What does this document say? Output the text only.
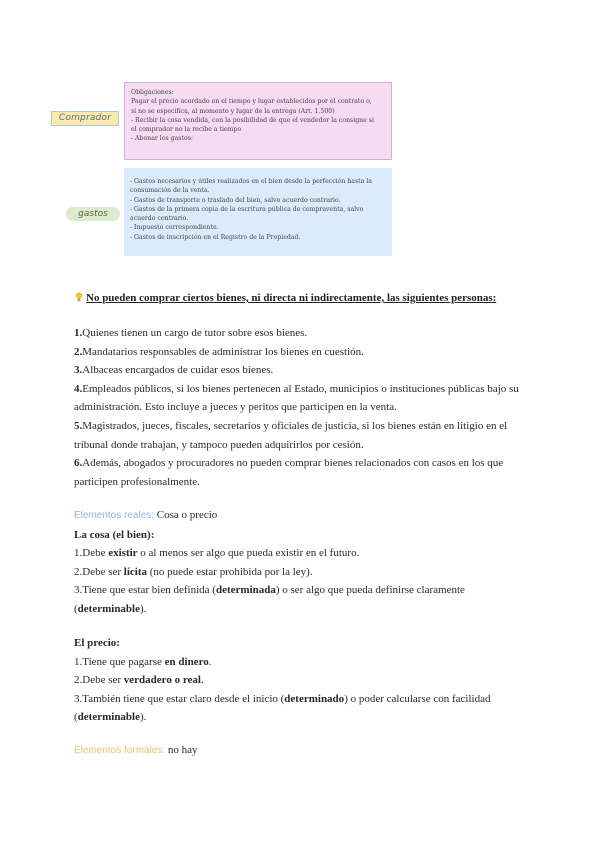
Comprador
Obligaciones:
Pagar el precio acordado en el tiempo y lugar establecidos por el contrato o,
si no se especifica, al momento y lugar de la entrega (Art. 1.500)
- Recibir la cosa vendida, con la posibilidad de que el vendedor la consigne si
el comprador no la recibe a tiempo
- Abonar los gastos:
gastos
- Gastos necesarios y útiles realizados en el bien desde la perfección hasta la
consumación de la venta.
- Gastos de transporte o traslado del bien, salvo acuerdo contrario.
- Gastos de la primera copia de la escritura pública de compraventa, salvo
acuerdo contrario.
- Impuesto correspondiente.
- Gastos de inscripción en el Registro de la Propiedad.
No pueden comprar ciertos bienes, ni directa ni indirectamente, las siguientes personas:

1.Quienes tienen un cargo de tutor sobre esos bienes.

2.Mandatarios responsables de administrar los bienes en cuestión.

3.Albaceas encargados de cuidar esos bienes.

4.Empleados públicos, si los bienes pertenecen al Estado, municipios o instituciones públicas bajo su administración. Esto incluye a jueces y peritos que participen en la venta.

5.Magistrados, jueces, fiscales, secretarios y oficiales de justicia, si los bienes están en litigio en el tribunal donde trabajan, y tampoco pueden adquirirlos por cesión.

6.Además, abogados y procuradores no pueden comprar bienes relacionados con casos en los que participen profesionalmente.

Elementos reales: Cosa o precio

La cosa (el bien):

1.Debe existir o al menos ser algo que pueda existir en el futuro.

2.Debe ser lícita (no puede estar prohibida por la ley).

3.Tiene que estar bien definida (determinada) o ser algo que pueda definirse claramente
(determinable).

El precio:

1.Tiene que pagarse en dinero.

2.Debe ser verdadero o real.

3.También tiene que estar claro desde el inicio (determinado) o poder calcularse con facilidad
(determinable).

Elementos formales: no hay
